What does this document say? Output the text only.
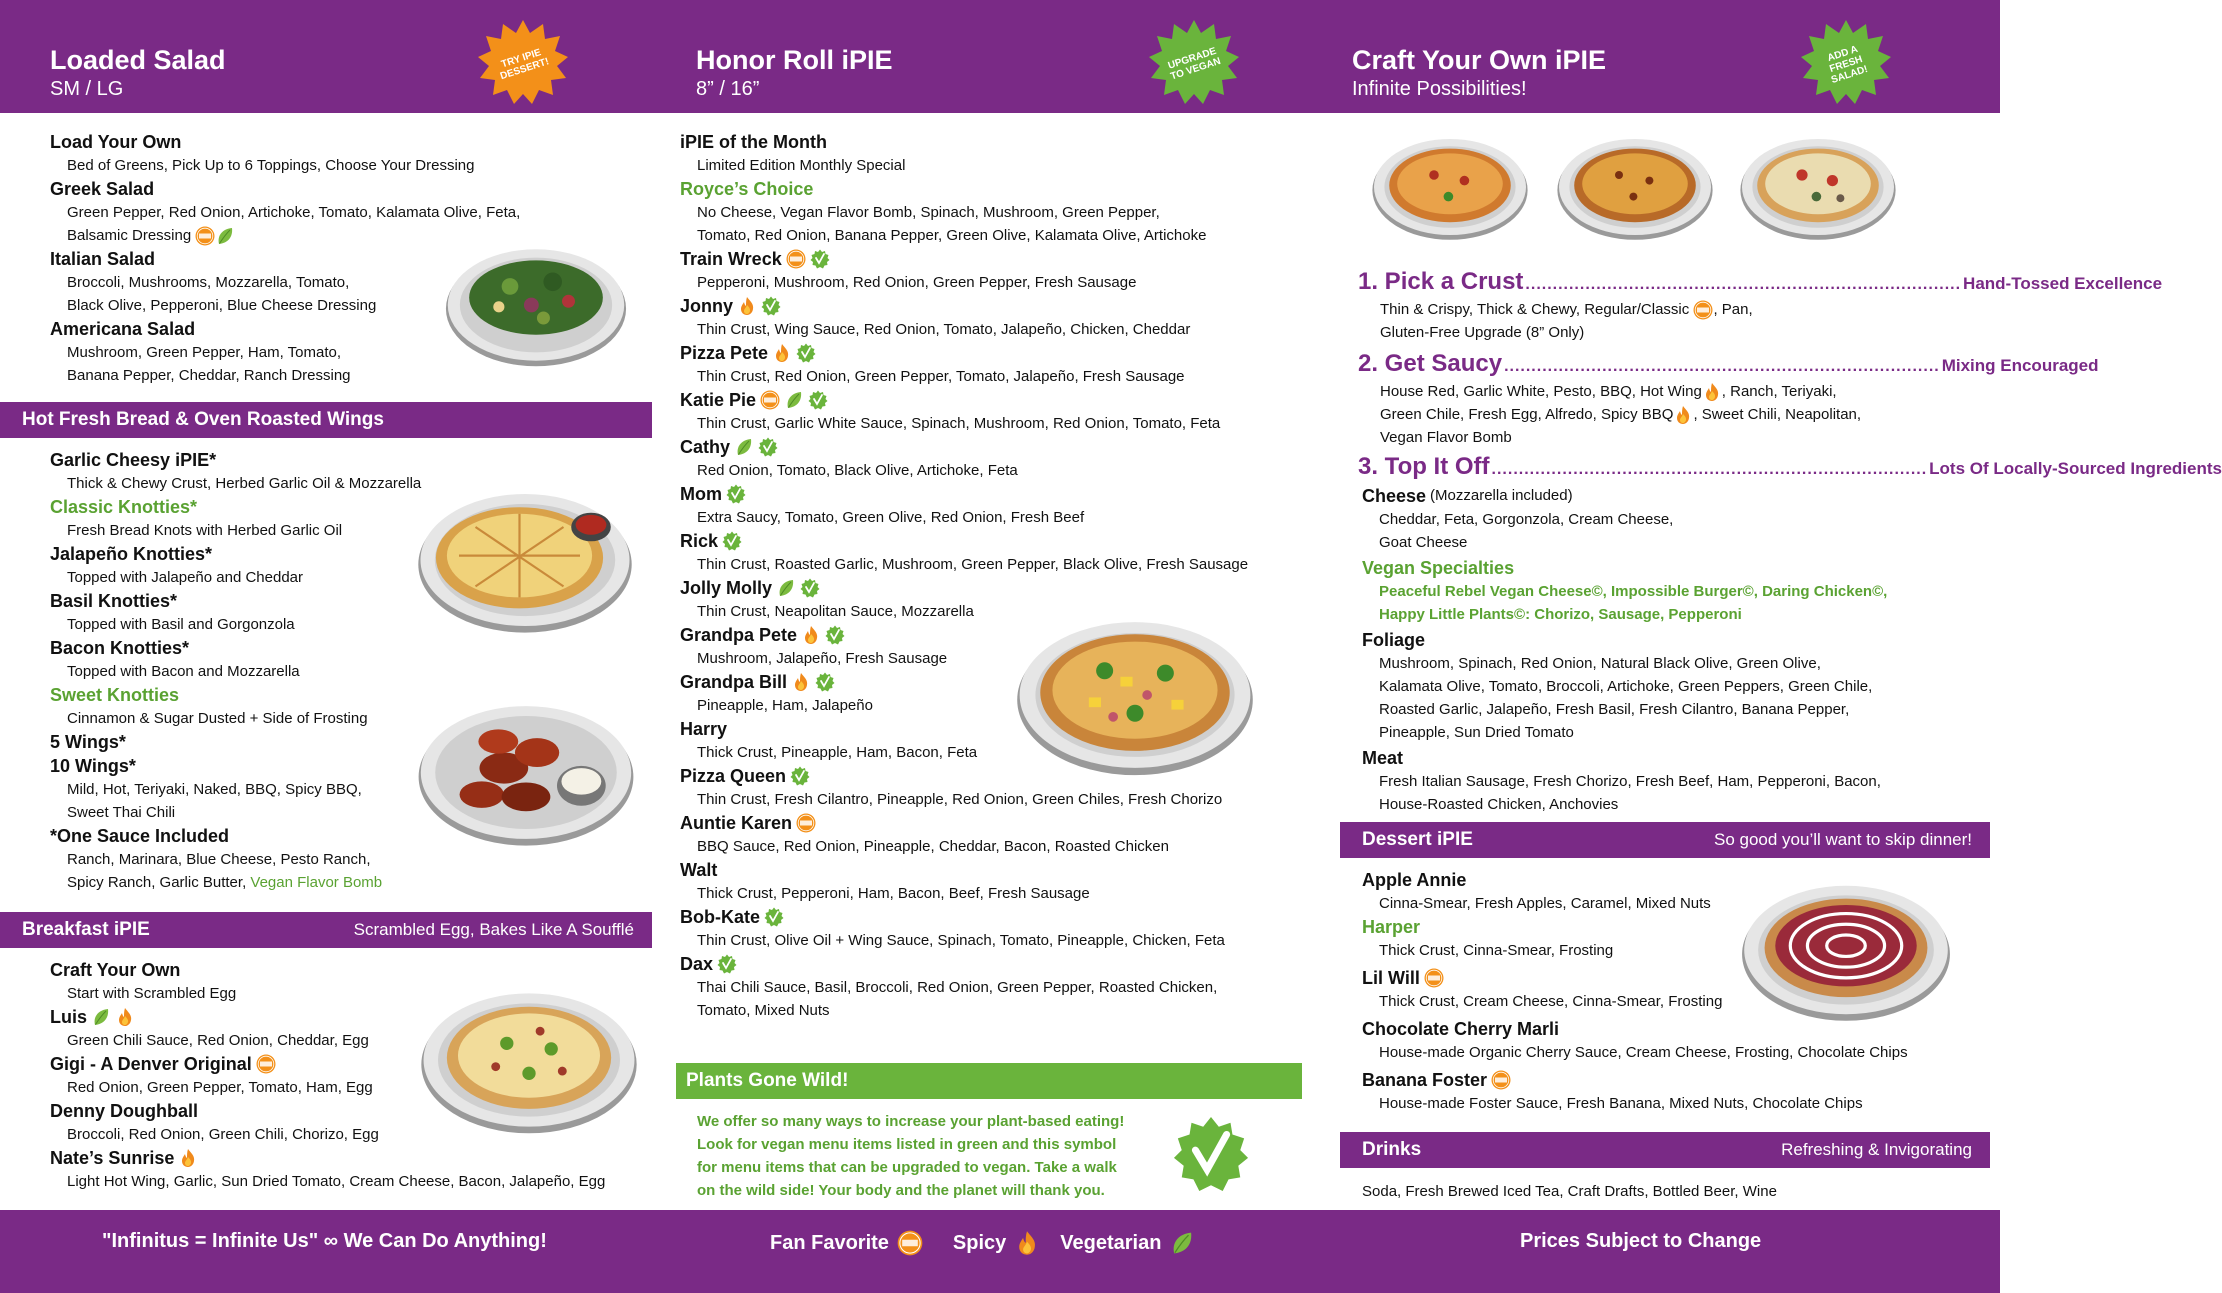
Loaded Salad
SM / LG
TRY IPIE DESSERT!
Load Your Own
Bed of Greens, Pick Up to 6 Toppings, Choose Your Dressing
Greek Salad
Green Pepper, Red Onion, Artichoke, Tomato, Kalamata Olive, Feta,
Balsamic Dressing
Italian Salad
Broccoli, Mushrooms, Mozzarella, Tomato,
Black Olive, Pepperoni, Blue Cheese Dressing
Americana Salad
Mushroom, Green Pepper, Ham, Tomato,
Banana Pepper, Cheddar, Ranch Dressing
Hot Fresh Bread & Oven Roasted Wings
Garlic Cheesy iPIE*
Thick & Chewy Crust, Herbed Garlic Oil & Mozzarella
Classic Knotties*
Fresh Bread Knots with Herbed Garlic Oil
Jalapeño Knotties*
Topped with Jalapeño and Cheddar
Basil Knotties*
Topped with Basil and Gorgonzola
Bacon Knotties*
Topped with Bacon and Mozzarella
Sweet Knotties
Cinnamon & Sugar Dusted + Side of Frosting
5 Wings*
10 Wings*
Mild, Hot, Teriyaki, Naked, BBQ, Spicy BBQ,
Sweet Thai Chili
*One Sauce Included
Ranch, Marinara, Blue Cheese, Pesto Ranch,
Spicy Ranch, Garlic Butter, Vegan Flavor Bomb
Breakfast iPIE	Scrambled Egg, Bakes Like A Soufflé
Craft Your Own
Start with Scrambled Egg
Luis
Green Chili Sauce, Red Onion, Cheddar, Egg
Gigi - A Denver Original
Red Onion, Green Pepper, Tomato, Ham, Egg
Denny Doughball
Broccoli, Red Onion, Green Chili, Chorizo, Egg
Nate’s Sunrise
Light Hot Wing, Garlic, Sun Dried Tomato, Cream Cheese, Bacon, Jalapeño, Egg
Honor Roll iPIE
8” / 16”
UPGRADE TO VEGAN
iPIE of the Month
Limited Edition Monthly Special
Royce’s Choice
No Cheese, Vegan Flavor Bomb, Spinach, Mushroom, Green Pepper,
Tomato, Red Onion, Banana Pepper, Green Olive, Kalamata Olive, Artichoke
Train Wreck
Pepperoni, Mushroom, Red Onion, Green Pepper, Fresh Sausage
Jonny
Thin Crust, Wing Sauce, Red Onion, Tomato, Jalapeño, Chicken, Cheddar
Pizza Pete
Thin Crust, Red Onion, Green Pepper, Tomato, Jalapeño, Fresh Sausage
Katie Pie
Thin Crust, Garlic White Sauce, Spinach, Mushroom, Red Onion, Tomato, Feta
Cathy
Red Onion, Tomato, Black Olive, Artichoke, Feta
Mom
Extra Saucy, Tomato, Green Olive, Red Onion, Fresh Beef
Rick
Thin Crust, Roasted Garlic, Mushroom, Green Pepper, Black Olive, Fresh Sausage
Jolly Molly
Thin Crust, Neapolitan Sauce, Mozzarella
Grandpa Pete
Mushroom, Jalapeño, Fresh Sausage
Grandpa Bill
Pineapple, Ham, Jalapeño
Harry
Thick Crust, Pineapple, Ham, Bacon, Feta
Pizza Queen
Thin Crust, Fresh Cilantro, Pineapple, Red Onion, Green Chiles, Fresh Chorizo
Auntie Karen
BBQ Sauce, Red Onion, Pineapple, Cheddar, Bacon, Roasted Chicken
Walt
Thick Crust, Pepperoni, Ham, Bacon, Beef, Fresh Sausage
Bob-Kate
Thin Crust, Olive Oil + Wing Sauce, Spinach, Tomato, Pineapple, Chicken, Feta
Dax
Thai Chili Sauce, Basil, Broccoli, Red Onion, Green Pepper, Roasted Chicken,
Tomato, Mixed Nuts
Plants Gone Wild!
We offer so many ways to increase your plant-based eating!
Look for vegan menu items listed in green and this symbol
for menu items that can be upgraded to vegan. Take a walk
on the wild side! Your body and the planet will thank you.
Craft Your Own iPIE
Infinite Possibilities!
ADD A FRESH SALAD!
1. Pick a Crust ................................................................................ Hand-Tossed Excellence
Thin & Crispy, Thick & Chewy, Regular/Classic
, Pan,
Gluten-Free Upgrade (8” Only)
2. Get Saucy ................................................................................ Mixing Encouraged
House Red, Garlic White, Pesto, BBQ, Hot Wing , Ranch, Teriyaki,
Green Chile, Fresh Egg, Alfredo, Spicy BBQ , Sweet Chili, Neapolitan,
Vegan Flavor Bomb
3. Top It Off ................................................................................ Lots Of Locally-Sourced Ingredients
Cheese (Mozzarella included)
Cheddar, Feta, Gorgonzola, Cream Cheese,
Goat Cheese
Vegan Specialties
Peaceful Rebel Vegan Cheese©, Impossible Burger©, Daring Chicken©,
Happy Little Plants©: Chorizo, Sausage, Pepperoni
Foliage
Mushroom, Spinach, Red Onion, Natural Black Olive, Green Olive,
Kalamata Olive, Tomato, Broccoli, Artichoke, Green Peppers, Green Chile,
Roasted Garlic, Jalapeño, Fresh Basil, Fresh Cilantro, Banana Pepper,
Pineapple, Sun Dried Tomato
Meat
Fresh Italian Sausage, Fresh Chorizo, Fresh Beef, Ham, Pepperoni, Bacon,
House-Roasted Chicken, Anchovies
Dessert iPIE	So good you’ll want to skip dinner!
Apple Annie
Cinna-Smear, Fresh Apples, Caramel, Mixed Nuts
Harper
Thick Crust, Cinna-Smear, Frosting
Lil Will
Thick Crust, Cream Cheese, Cinna-Smear, Frosting
Chocolate Cherry Marli
House-made Organic Cherry Sauce, Cream Cheese, Frosting, Chocolate Chips
Banana Foster
House-made Foster Sauce, Fresh Banana, Mixed Nuts, Chocolate Chips
Drinks	Refreshing & Invigorating
Soda, Fresh Brewed Iced Tea, Craft Drafts, Bottled Beer, Wine
"Infinitus = Infinite Us" ∞ We Can Do Anything!	Fan Favorite	Spicy	Vegetarian	Prices Subject to Change
